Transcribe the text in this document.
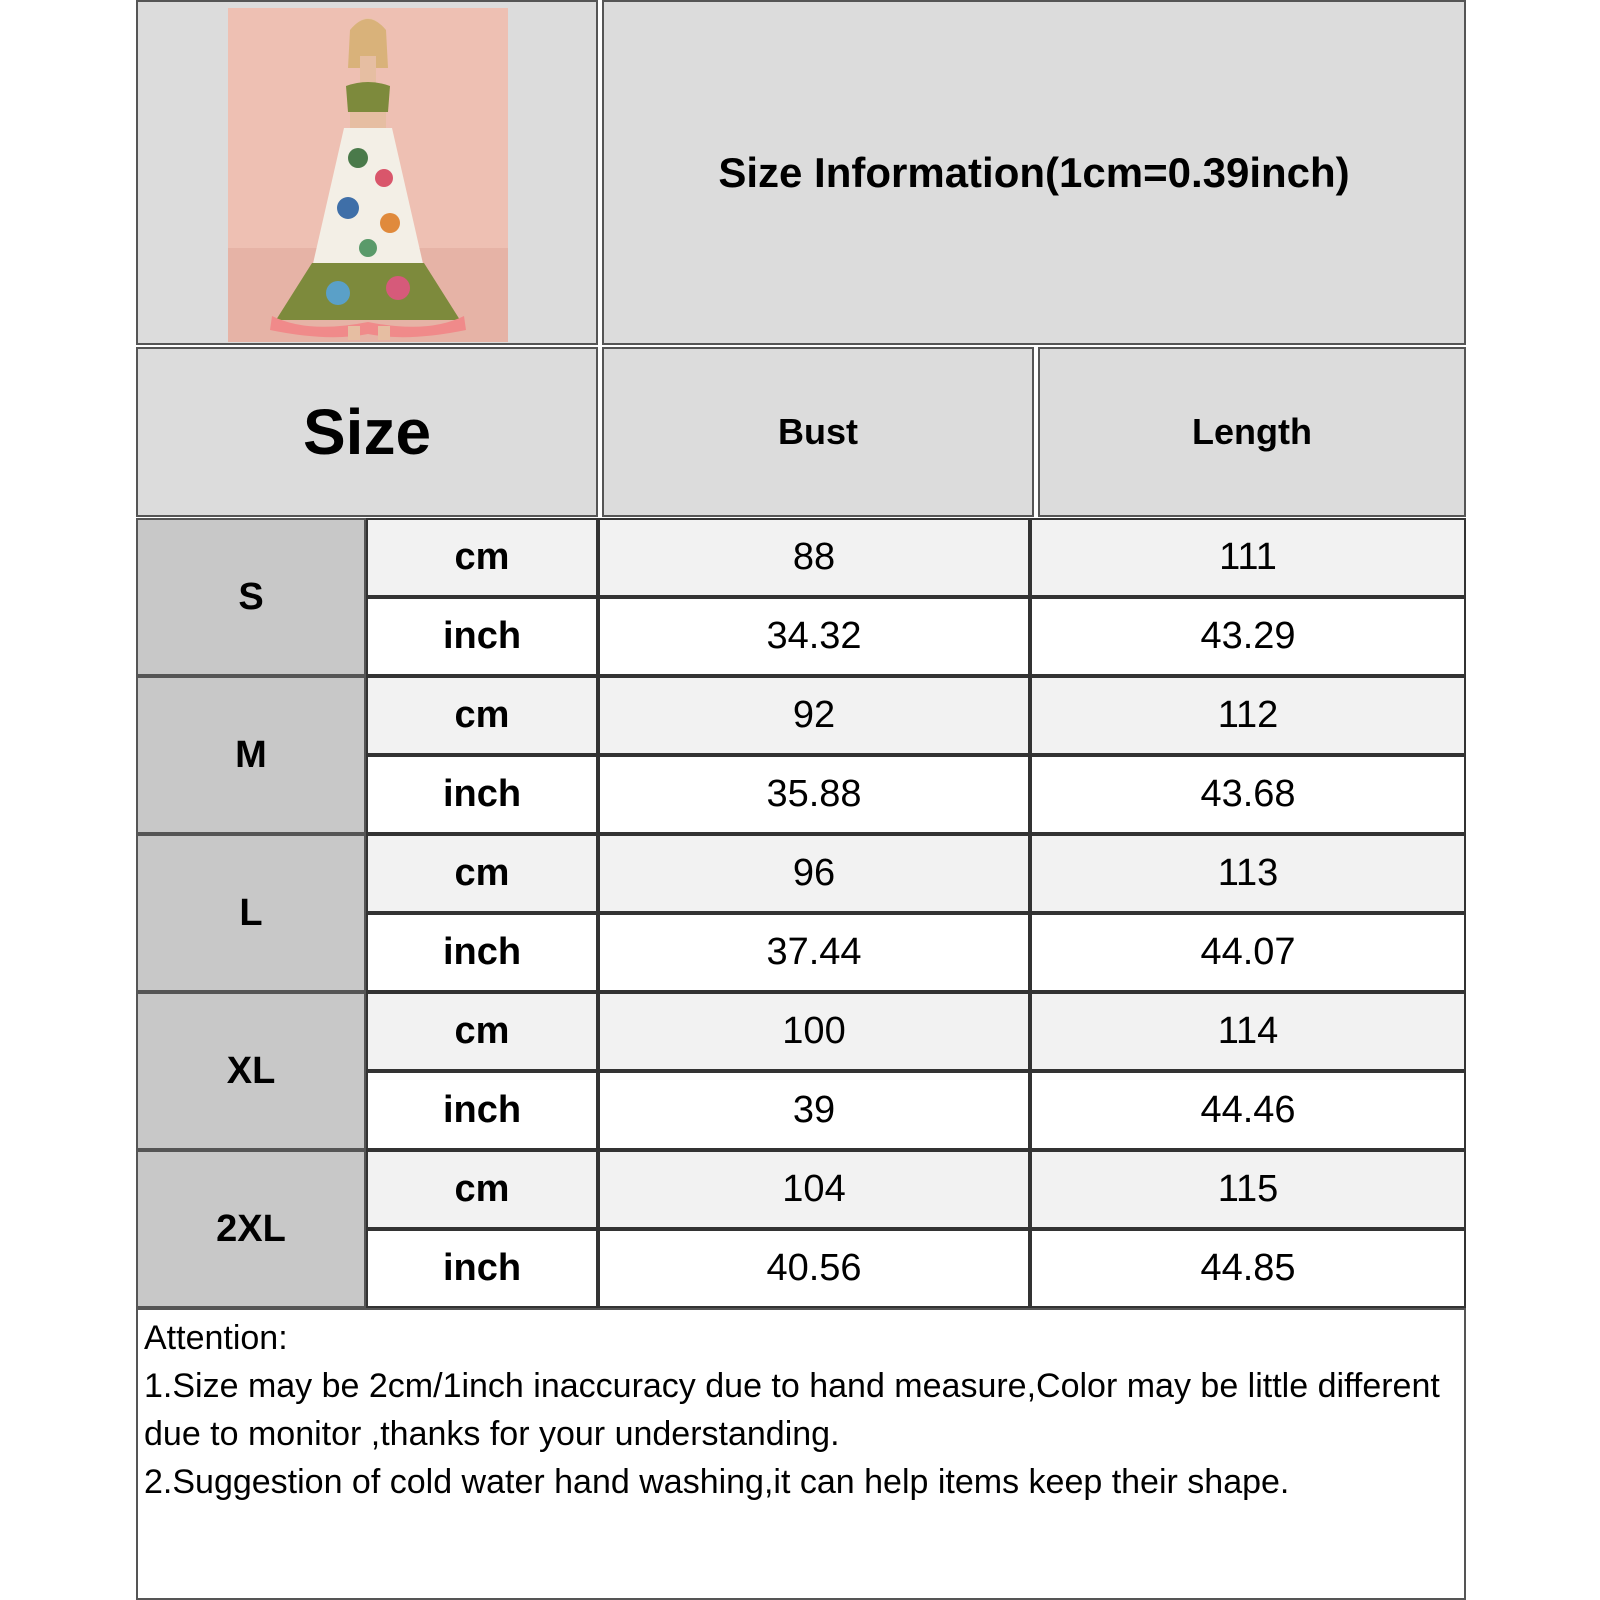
Size Information(1cm=0.39inch)
Size	Bust	Length
S
cm	88	111
inch	34.32	43.29
M
cm	92	112
inch	35.88	43.68
L
cm	96	113
inch	37.44	44.07
XL
cm	100	114
inch	39	44.46
2XL
cm	104	115
inch	40.56	44.85

Attention:

1.Size may be 2cm/1inch inaccuracy due to hand measure,Color may be little different due to monitor ,thanks for your understanding.

2.Suggestion of cold water hand washing,it can help items keep their shape.
